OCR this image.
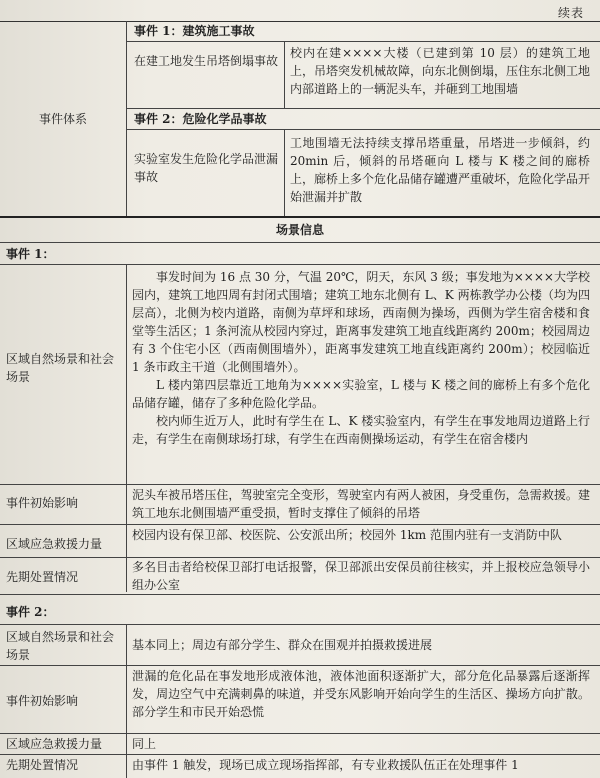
续表
事件体系
事件 1：建筑施工事故
在建工地发生吊塔倒塌事故
校内在建××××大楼（已建到第 10 层）的建筑工地上，吊塔突发机械故障，向东北侧倒塌，压住东北侧工地内部道路上的一辆泥头车，并砸到工地围墙
事件 2：危险化学品事故
实验室发生危险化学品泄漏事故
工地围墙无法持续支撑吊塔重量，吊塔进一步倾斜，约 20min 后，倾斜的吊塔砸向 L 楼与 K 楼之间的廊桥上，廊桥上多个危化品储存罐遭严重破坏，危险化学品开始泄漏并扩散
场景信息
事件 1：
区域自然场景和社会场景

事发时间为 16 点 30 分，气温 20℃，阴天，东风 3 级；事发地为××××大学校园内，建筑工地四周有封闭式围墙；建筑工地东北侧有 L、K 两栋教学办公楼（均为四层高），北侧为校内道路，南侧为草坪和球场，西南侧为操场，西侧为学生宿舍楼和食堂等生活区；1 条河流从校园内穿过，距离事发建筑工地直线距离约 200m；校园周边有 3 个住宅小区（西南侧围墙外），距离事发建筑工地直线距离约 200m）；校园临近 1 条市政主干道（北侧围墙外）。

L 楼内第四层靠近工地角为××××实验室，L 楼与 K 楼之间的廊桥上有多个危化品储存罐，储存了多种危险化学品。

校内师生近万人，此时有学生在 L、K 楼实验室内，有学生在事发地周边道路上行走，有学生在南侧球场打球，有学生在西南侧操场运动，有学生在宿舍楼内

事件初始影响
泥头车被吊塔压住，驾驶室完全变形，驾驶室内有两人被困，身受重伤，急需救援。建筑工地东北侧围墙严重受损，暂时支撑住了倾斜的吊塔
区域应急救援力量
校园内设有保卫部、校医院、公安派出所；校园外 1km 范围内驻有一支消防中队
先期处置情况
多名目击者给校保卫部打电话报警，保卫部派出安保员前往核实，并上报校应急领导小组办公室
事件 2：
区域自然场景和社会场景
基本同上；周边有部分学生、群众在围观并拍摄救援进展
事件初始影响
泄漏的危化品在事发地形成液体池，液体池面积逐渐扩大，部分危化品暴露后逐渐挥发，周边空气中充满刺鼻的味道，并受东风影响开始向学生的生活区、操场方向扩散。部分学生和市民开始恐慌
区域应急救援力量	同上
先期处置情况	由事件 1 触发，现场已成立现场指挥部，有专业救援队伍正在处理事件 1
